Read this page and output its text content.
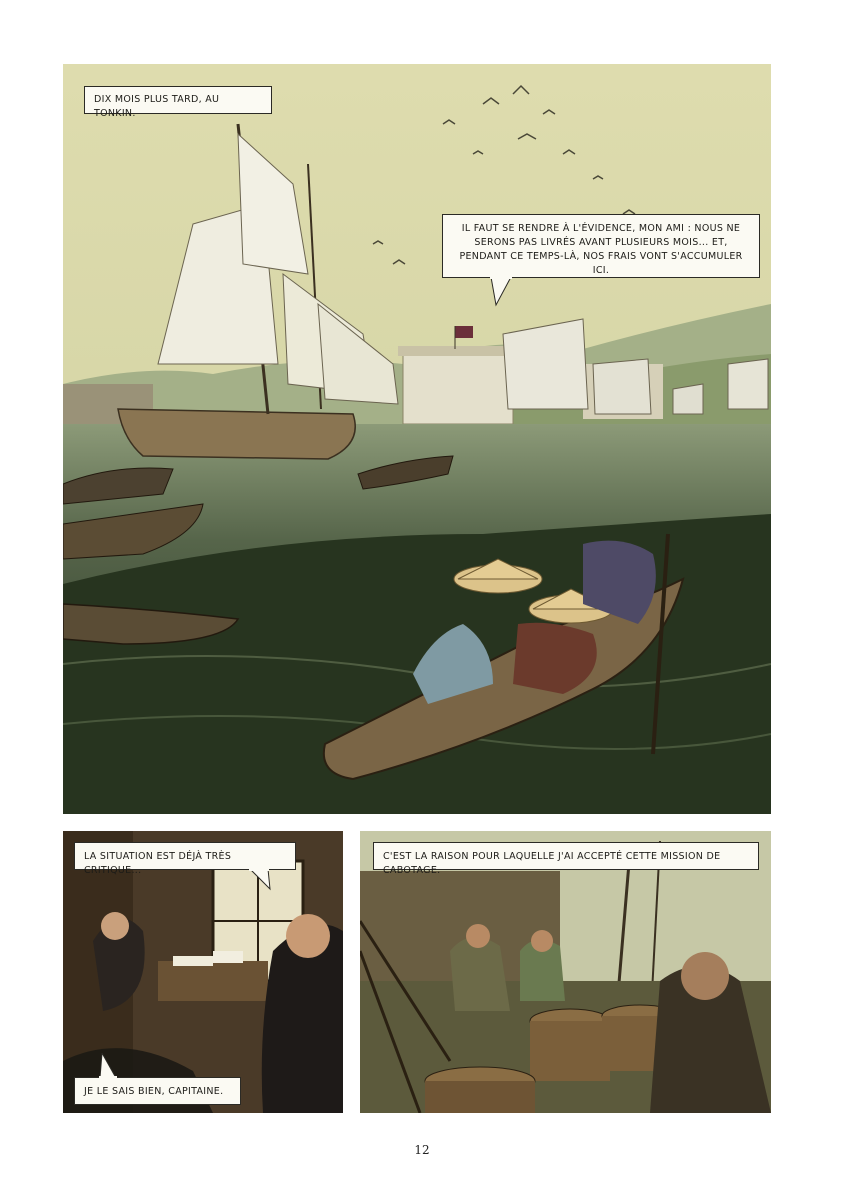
DIX MOIS PLUS TARD, AU TONKIN.
IL FAUT SE RENDRE À L'ÉVIDENCE, MON AMI : NOUS NE SERONS PAS LIVRÉS AVANT PLUSIEURS MOIS... ET, PENDANT CE TEMPS-LÀ, NOS FRAIS VONT S'ACCUMULER ICI.
LA SITUATION EST DÉJÀ TRÈS CRITIQUE...
JE LE SAIS BIEN, CAPITAINE.
C'EST LA RAISON POUR LAQUELLE J'AI ACCEPTÉ CETTE MISSION DE CABOTAGE.
12
